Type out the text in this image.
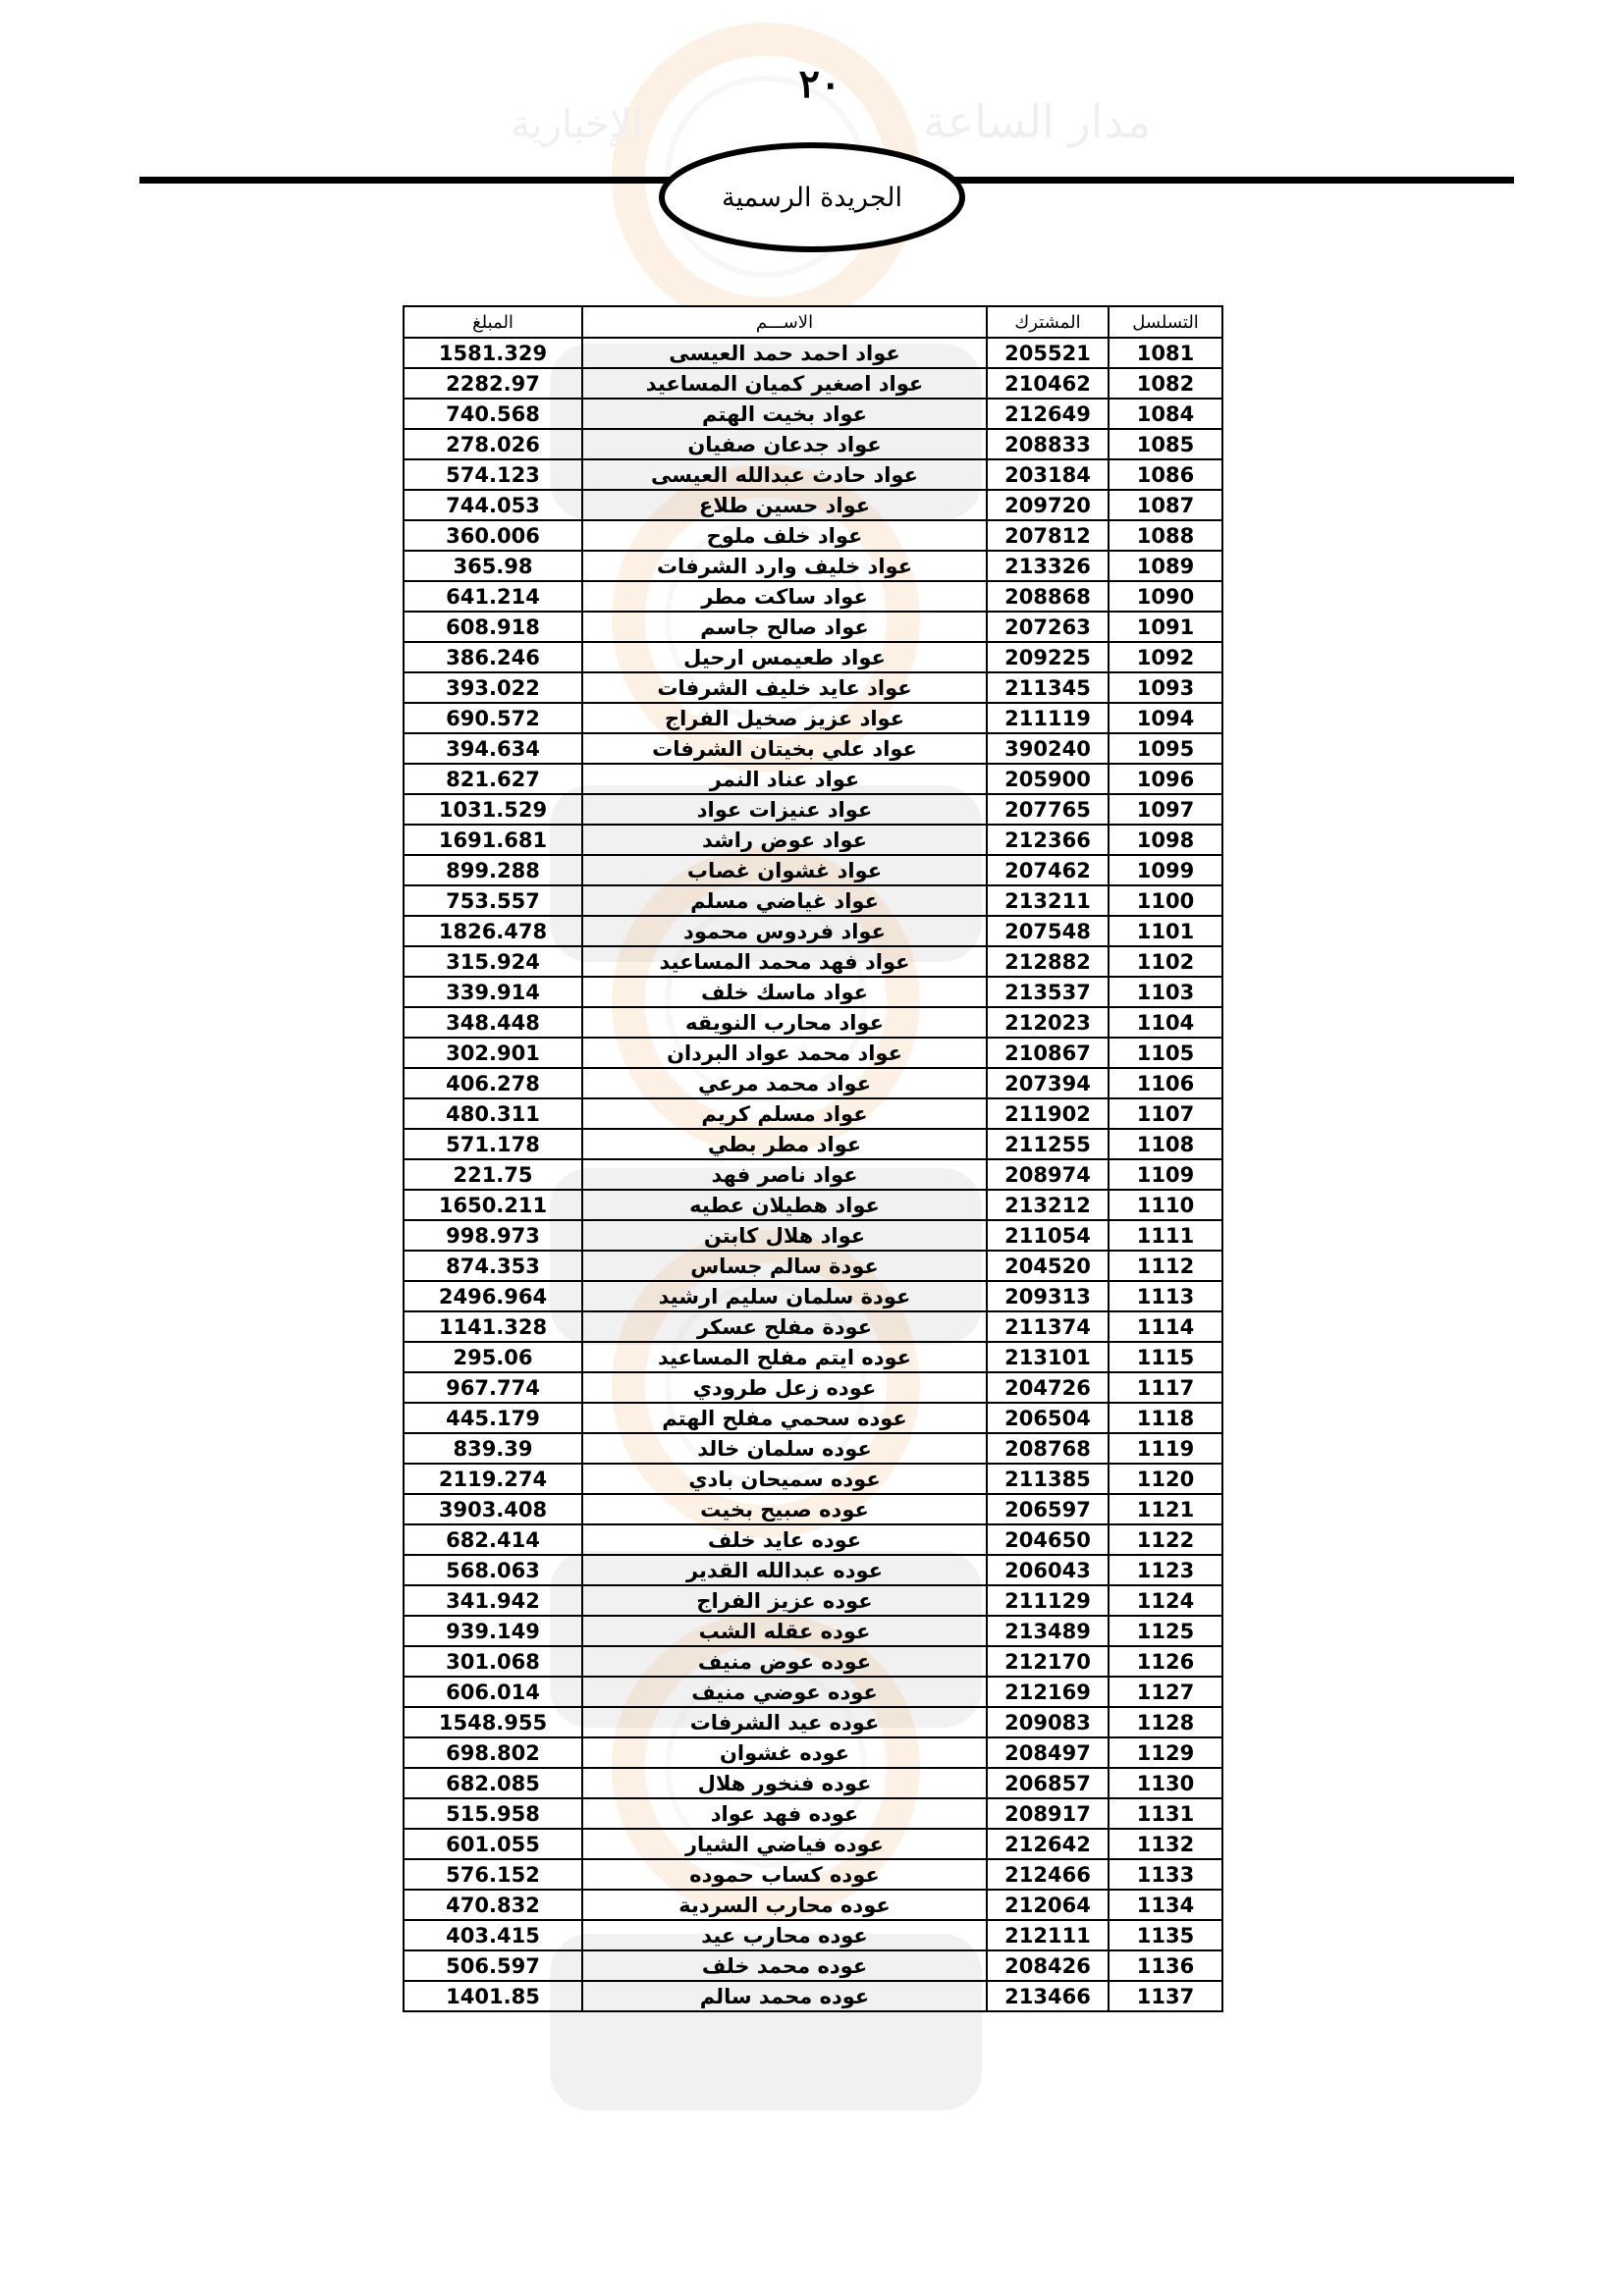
مدار الساعة
الإخبارية
٢٠
الجريدة الرسمية
التسلسل	المشترك	الاســـم	المبلغ
1081	205521	عواد احمد حمد العيسى	1581.329
1082	210462	عواد اصغير كميان المساعيد	2282.97
1084	212649	عواد بخيت الهتم	740.568
1085	208833	عواد جدعان صفيان	278.026
1086	203184	عواد حادث عبدالله العيسى	574.123
1087	209720	عواد حسين طلاع	744.053
1088	207812	عواد خلف ملوح	360.006
1089	213326	عواد خليف وارد الشرفات	365.98
1090	208868	عواد ساكت مطر	641.214
1091	207263	عواد صالح جاسم	608.918
1092	209225	عواد طعيمس ارحيل	386.246
1093	211345	عواد عايد خليف الشرفات	393.022
1094	211119	عواد عزيز صخيل الفراج	690.572
1095	390240	عواد علي بخيتان الشرفات	394.634
1096	205900	عواد عناد النمر	821.627
1097	207765	عواد عنيزات عواد	1031.529
1098	212366	عواد عوض راشد	1691.681
1099	207462	عواد غشوان غصاب	899.288
1100	213211	عواد غياضي مسلم	753.557
1101	207548	عواد فردوس محمود	1826.478
1102	212882	عواد فهد محمد المساعيد	315.924
1103	213537	عواد ماسك خلف	339.914
1104	212023	عواد محارب النويقه	348.448
1105	210867	عواد محمد عواد البردان	302.901
1106	207394	عواد محمد مرعي	406.278
1107	211902	عواد مسلم كريم	480.311
1108	211255	عواد مطر بطي	571.178
1109	208974	عواد ناصر فهد	221.75
1110	213212	عواد هطيلان عطيه	1650.211
1111	211054	عواد هلال كابتن	998.973
1112	204520	عودة سالم جساس	874.353
1113	209313	عودة سلمان سليم ارشيد	2496.964
1114	211374	عودة مفلح عسكر	1141.328
1115	213101	عوده ايتم مفلح المساعيد	295.06
1117	204726	عوده زعل طرودي	967.774
1118	206504	عوده سحمي مفلح الهتم	445.179
1119	208768	عوده سلمان خالد	839.39
1120	211385	عوده سميحان بادي	2119.274
1121	206597	عوده صبيح بخيت	3903.408
1122	204650	عوده عايد خلف	682.414
1123	206043	عوده عبدالله القدير	568.063
1124	211129	عوده عزيز الفراج	341.942
1125	213489	عوده عقله الشب	939.149
1126	212170	عوده عوض منيف	301.068
1127	212169	عوده عوضي منيف	606.014
1128	209083	عوده عيد الشرفات	1548.955
1129	208497	عوده غشوان	698.802
1130	206857	عوده فنخور هلال	682.085
1131	208917	عوده فهد عواد	515.958
1132	212642	عوده فياضي الشيار	601.055
1133	212466	عوده كساب حموده	576.152
1134	212064	عوده محارب السردية	470.832
1135	212111	عوده محارب عيد	403.415
1136	208426	عوده محمد خلف	506.597
1137	213466	عوده محمد سالم	1401.85
